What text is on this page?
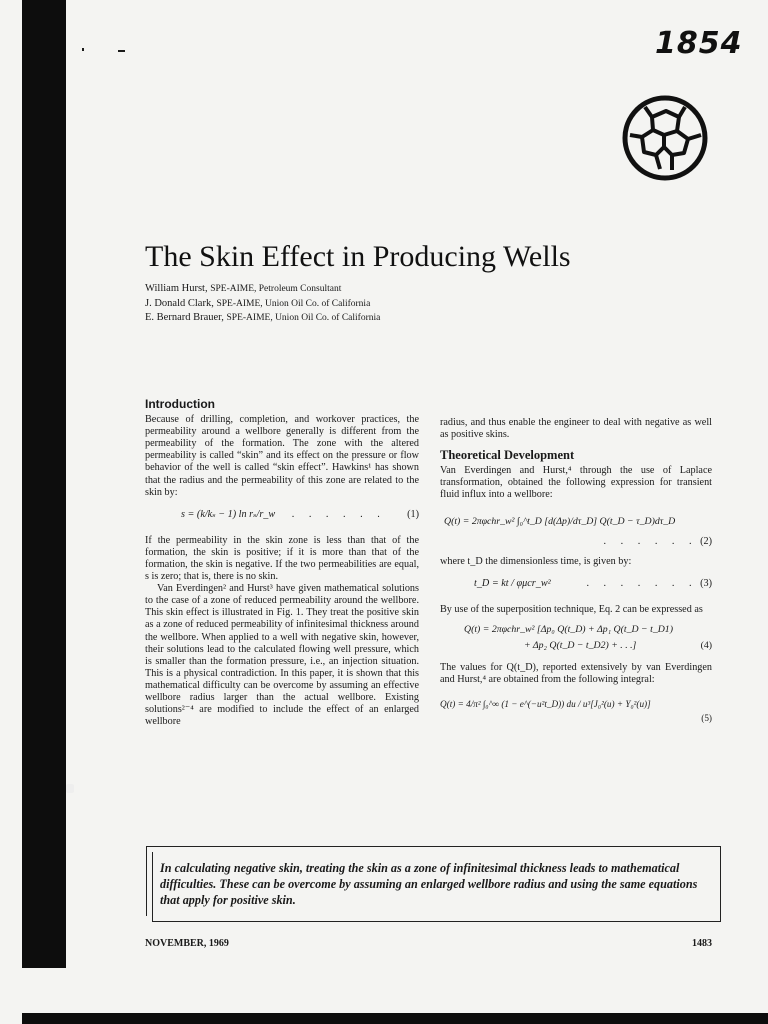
1854
The Skin Effect in Producing Wells
William Hurst, SPE-AIME, Petroleum Consultant
J. Donald Clark, SPE-AIME, Union Oil Co. of California
E. Bernard Brauer, SPE-AIME, Union Oil Co. of California
Introduction

Because of drilling, completion, and workover practices, the permeability around a wellbore generally is different from the permeability of the formation. The zone with the altered permeability is called “skin” and its effect on the pressure or flow behavior of the well is called “skin effect”. Hawkins¹ has shown that the radius and the permeability of this zone are related to the skin by:

s = (k/kₛ − 1) ln rₛ/r_w . . . . . . (1)

If the permeability in the skin zone is less than that of the formation, the skin is positive; if it is more than that of the formation, the skin is negative. If the two permeabilities are equal, s is zero; that is, there is no skin.

Van Everdingen² and Hurst³ have given mathematical solutions to the case of a zone of reduced permeability around the wellbore. This skin effect is illustrated in Fig. 1. They treat the positive skin as a zone of reduced permeability of infinitesimal thickness around the wellbore. When applied to a well with negative skin, however, their solutions lead to the calculated flowing well pressure, which is smaller than the formation pressure, i.e., an injection situation. This is a physical contradiction. In this paper, it is shown that this mathematical difficulty can be overcome by assuming an effective wellbore radius larger than the actual wellbore. Existing solutions²⁻⁴ are modified to include the effect of an enlarged wellbore

radius, and thus enable the engineer to deal with negative as well as positive skins.

Theoretical Development

Van Everdingen and Hurst,⁴ through the use of Laplace transformation, obtained the following expression for transient fluid influx into a wellbore:

Q(t) = 2πφchr_w² ∫₀^t_D [d(Δp)/dτ_D] Q(t_D − τ_D)dτ_D
. . . . . . (2)

where t_D the dimensionless time, is given by:

t_D = kt / φμcr_w²	. . . . . . . (3)

By use of the superposition technique, Eq. 2 can be expressed as

Q(t) = 2πφchr_w² [Δp₀ Q(t_D) + Δp₁ Q(t_D − t_D1)
+ Δp₂ Q(t_D − t_D2) + . . .]	(4)

The values for Q(t_D), reported extensively by van Everdingen and Hurst,⁴ are obtained from the following integral:

Q(t) = 4/π² ∫₀^∞ (1 − e^(−u²t_D)) du / u³[J₀²(u) + Y₀²(u)]
(5)
In calculating negative skin, treating the skin as a zone of infinitesimal thickness leads to mathematical difficulties. These can be overcome by assuming an enlarged wellbore radius and using the same equations that apply for positive skin.
NOVEMBER, 1969	1483
